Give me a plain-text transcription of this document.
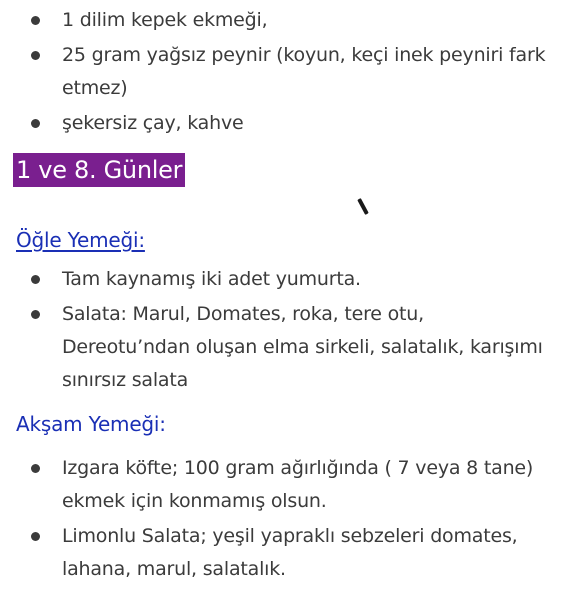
1 dilim kepek ekmeği,
25 gram yağsız peynir (koyun, keçi inek peyniri fark etmez)
şekersiz çay, kahve
1 ve 8. Günler
Öğle Yemeği:
Tam kaynamış iki adet yumurta.
Salata: Marul, Domates, roka, tere otu, Dereotu’ndan oluşan elma sirkeli, salatalık, karışımı sınırsız salata
Akşam Yemeği:
Izgara köfte; 100 gram ağırlığında ( 7 veya 8 tane) ekmek için konmamış olsun.
Limonlu Salata; yeşil yapraklı sebzeleri domates, lahana, marul, salatalık.
